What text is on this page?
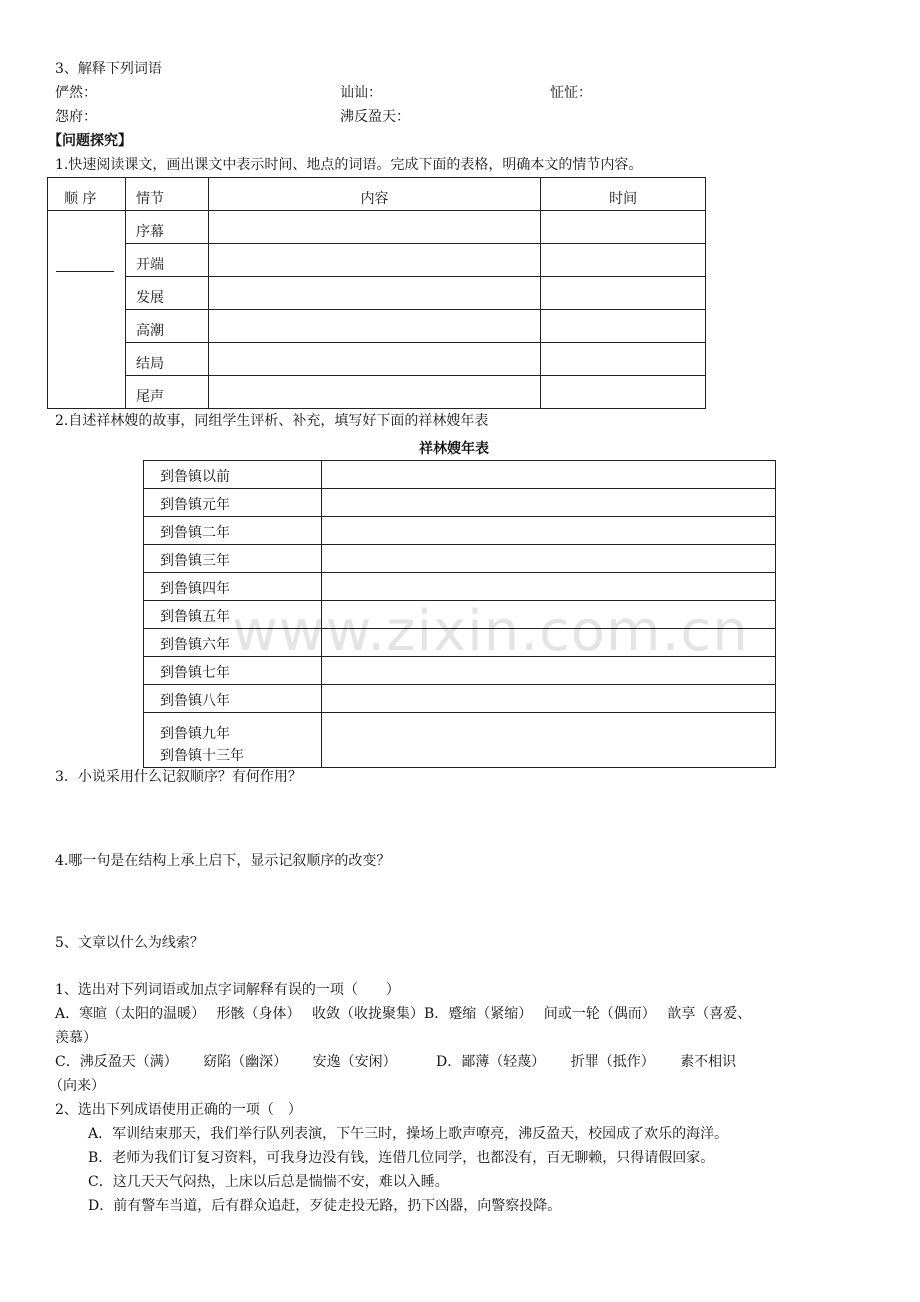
3、解释下列词语
俨然：	讪讪：	怔怔：
怨府：	沸反盈天：
【问题探究】
1.快速阅读课文，画出课文中表示时间、地点的词语。完成下面的表格，明确本文的情节内容。
顺 序	情节	内容	时间

	序幕		

	开端		

	发展		

	高潮		

	结局		

	尾声		

2.自述祥林嫂的故事，同组学生评析、补充，填写好下面的祥林嫂年表
祥林嫂年表
到鲁镇以前	

到鲁镇元年	

到鲁镇二年	

到鲁镇三年	

到鲁镇四年	

到鲁镇五年	

到鲁镇六年	

到鲁镇七年	

到鲁镇八年	

到鲁镇九年
到鲁镇十三年	

www.zixin.com.cn
3．小说采用什么记叙顺序？有何作用？
4.哪一句是在结构上承上启下，显示记叙顺序的改变？
5、文章以什么为线索？
1、选出对下列词语或加点字词解释有误的一项（　　）
A．寒暄（太阳的温暖）　 形骸（身体）　 收敛（收拢聚集）B．蹙缩（紧缩）　 间或一轮（偶而）　 歆享（喜爱、
羡慕）
C．沸反盈天（满）　　 窈陷（幽深）　　 安逸（安闲）　　　 D．鄙薄（轻蔑）　　 折罪（抵作）　　 素不相识
（向来）
2、选出下列成语使用正确的一项（　）
A．军训结束那天，我们举行队列表演，下午三时，操场上歌声嘹亮，沸反盈天，校园成了欢乐的海洋。
B．老师为我们订复习资料，可我身边没有钱，连借几位同学，也都没有，百无聊赖，只得请假回家。
C．这几天天气闷热，上床以后总是惴惴不安，难以入睡。
D．前有警车当道，后有群众追赶，歹徒走投无路，扔下凶器，向警察投降。
